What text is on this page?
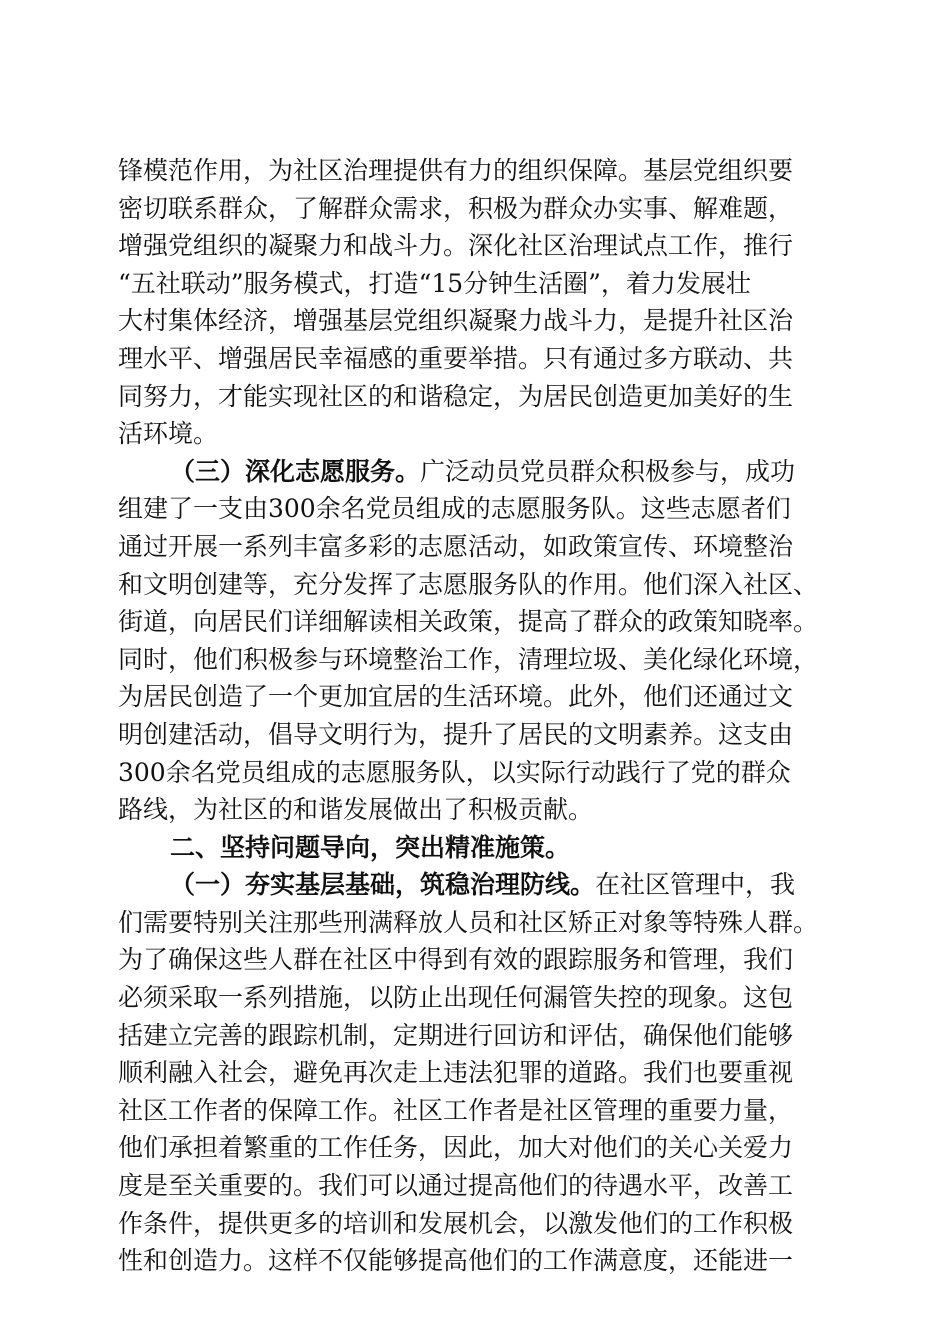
锋模范作用，为社区治理提供有力的组织保障。基层党组织要
密切联系群众，了解群众需求，积极为群众办实事、解难题，
增强党组织的凝聚力和战斗力。深化社区治理试点工作，推行
“五社联动”服务模式，打造“15分钟生活圈”，着力发展壮
大村集体经济，增强基层党组织凝聚力战斗力，是提升社区治
理水平、增强居民幸福感的重要举措。只有通过多方联动、共
同努力，才能实现社区的和谐稳定，为居民创造更加美好的生
活环境。
（三）深化志愿服务。广泛动员党员群众积极参与，成功
组建了一支由300余名党员组成的志愿服务队。这些志愿者们
通过开展一系列丰富多彩的志愿活动，如政策宣传、环境整治
和文明创建等，充分发挥了志愿服务队的作用。他们深入社区、
街道，向居民们详细解读相关政策，提高了群众的政策知晓率。
同时，他们积极参与环境整治工作，清理垃圾、美化绿化环境，
为居民创造了一个更加宜居的生活环境。此外，他们还通过文
明创建活动，倡导文明行为，提升了居民的文明素养。这支由
300余名党员组成的志愿服务队，以实际行动践行了党的群众
路线，为社区的和谐发展做出了积极贡献。
二、坚持问题导向，突出精准施策。
（一）夯实基层基础，筑稳治理防线。在社区管理中，我
们需要特别关注那些刑满释放人员和社区矫正对象等特殊人群。
为了确保这些人群在社区中得到有效的跟踪服务和管理，我们
必须采取一系列措施，以防止出现任何漏管失控的现象。这包
括建立完善的跟踪机制，定期进行回访和评估，确保他们能够
顺利融入社会，避免再次走上违法犯罪的道路。我们也要重视
社区工作者的保障工作。社区工作者是社区管理的重要力量，
他们承担着繁重的工作任务，因此，加大对他们的关心关爱力
度是至关重要的。我们可以通过提高他们的待遇水平，改善工
作条件，提供更多的培训和发展机会，以激发他们的工作积极
性和创造力。这样不仅能够提高他们的工作满意度，还能进一
